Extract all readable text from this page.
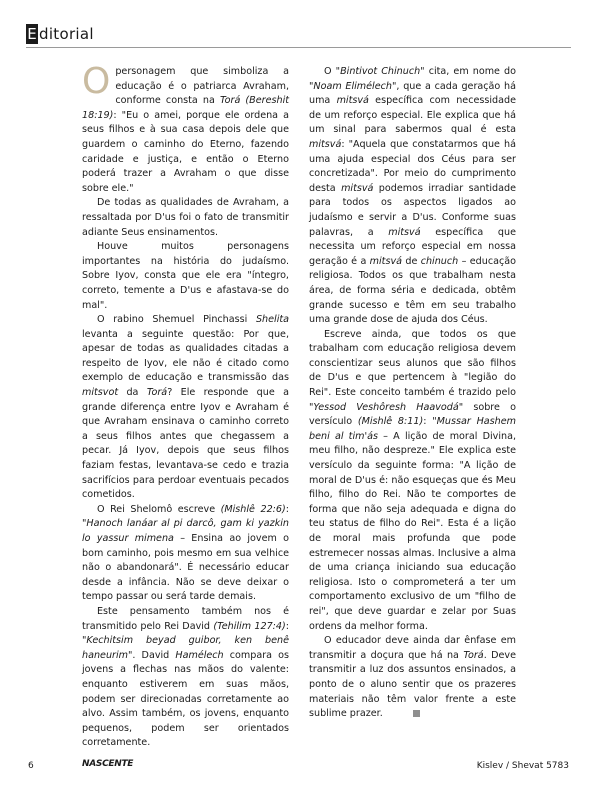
E ditorial

Opersonagem que simboliza a educação é o patriarca Avraham, conforme consta na Torá (Bereshit 18:19): "Eu o amei, porque ele ordena a seus filhos e à sua casa depois dele que guardem o caminho do Eterno, fazendo caridade e justiça, e então o Eterno poderá trazer a Avraham o que disse sobre ele."

De todas as qualidades de Avraham, a ressaltada por D'us foi o fato de transmitir adiante Seus ensinamentos.

Houve muitos personagens importantes na história do judaísmo. Sobre Iyov, consta que ele era "íntegro, correto, temente a D'us e afastava-se do mal".

O rabino Shemuel Pinchassi Shelita levanta a seguinte questão: Por que, apesar de todas as qualidades citadas a respeito de Iyov, ele não é citado como exemplo de educação e transmissão das mitsvot da Torá? Ele responde que a grande diferença entre Iyov e Avraham é que Avraham ensinava o caminho correto a seus filhos antes que chegassem a pecar. Já Iyov, depois que seus filhos faziam festas, levantava-se cedo e trazia sacrifícios para perdoar eventuais pecados cometidos.

O Rei Shelomô escreve (Mishlê 22:6): "Hanoch lanáar al pi darcô, gam ki yazkin lo yassur mimena – Ensina ao jovem o bom caminho, pois mesmo em sua velhice não o abandonará". É necessário educar desde a infância. Não se deve deixar o tempo passar ou será tarde demais.

Este pensamento também nos é transmitido pelo Rei David (Tehilim 127:4): "Kechitsim beyad guibor, ken benê haneurim". David Hamélech compara os jovens a flechas nas mãos do valente: enquanto estiverem em suas mãos, podem ser direcionadas corretamente ao alvo. Assim também, os jovens, enquanto pequenos, podem ser orientados corretamente.

O "Bintivot Chinuch" cita, em nome do "Noam Elimélech", que a cada geração há uma mitsvá específica com necessidade de um reforço especial. Ele explica que há um sinal para sabermos qual é esta mitsvá: "Aquela que constatarmos que há uma ajuda especial dos Céus para ser concretizada". Por meio do cumprimento desta mitsvá podemos irradiar santidade para todos os aspectos ligados ao judaísmo e servir a D'us. Conforme suas palavras, a mitsvá específica que necessita um reforço especial em nossa geração é a mitsvá de chinuch – educação religiosa. Todos os que trabalham nesta área, de forma séria e dedicada, obtêm grande sucesso e têm em seu trabalho uma grande dose de ajuda dos Céus.

Escreve ainda, que todos os que trabalham com educação religiosa devem conscientizar seus alunos que são filhos de D'us e que pertencem à "legião do Rei". Este conceito também é trazido pelo "Yessod Veshôresh Haavodá" sobre o versículo (Mishlê 8:11): "Mussar Hashem beni al tim'ás – A lição de moral Divina, meu filho, não despreze." Ele explica este versículo da seguinte forma: "A lição de moral de D'us é: não esqueças que és Meu filho, filho do Rei. Não te comportes de forma que não seja adequada e digna do teu status de filho do Rei". Esta é a lição de moral mais profunda que pode estremecer nossas almas. Inclusive a alma de uma criança iniciando sua educação religiosa. Isto o comprometerá a ter um comportamento exclusivo de um "filho de rei", que deve guardar e zelar por Suas ordens da melhor forma.

O educador deve ainda dar ênfase em transmitir a doçura que há na Torá. Deve transmitir a luz dos assuntos ensinados, a ponto de o aluno sentir que os prazeres materiais não têm valor frente a este sublime prazer.

6	NASCENTE	Kislev / Shevat 5783
